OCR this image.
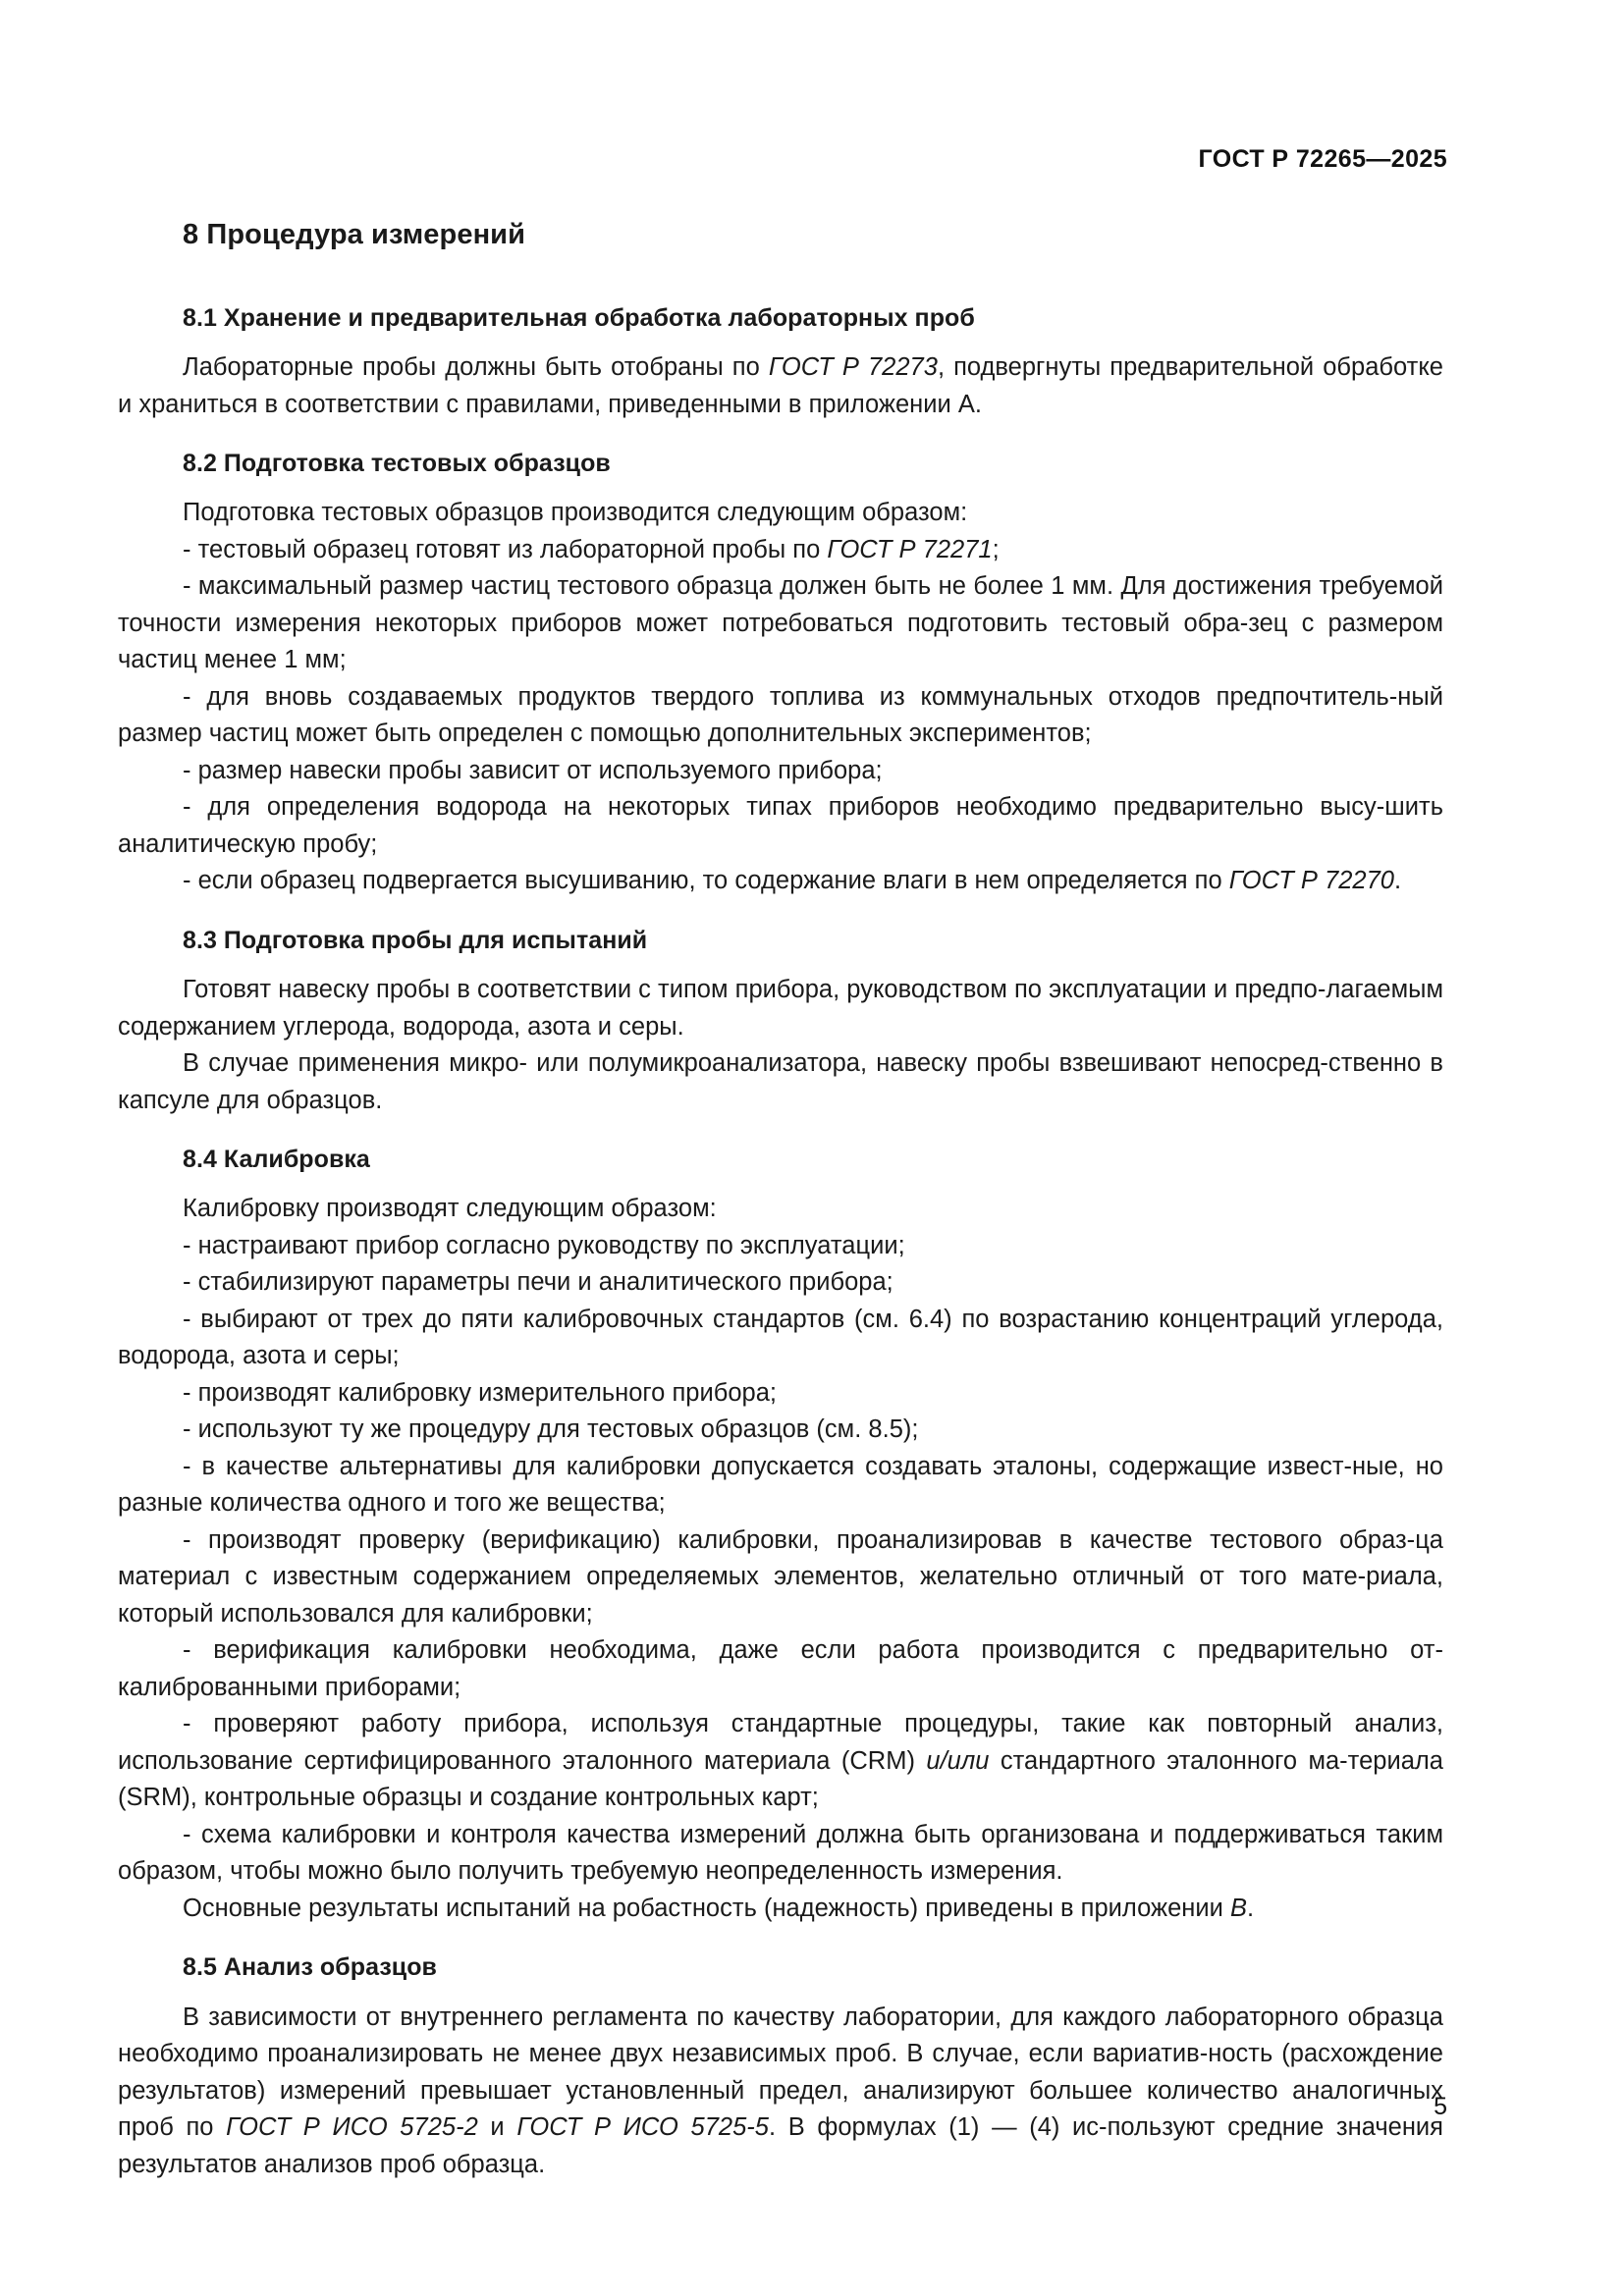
ГОСТ Р 72265—2025
8 Процедура измерений
8.1 Хранение и предварительная обработка лабораторных проб

Лабораторные пробы должны быть отобраны по ГОСТ Р 72273, подвергнуты предварительной обработке и храниться в соответствии с правилами, приведенными в приложении А.

8.2 Подготовка тестовых образцов

Подготовка тестовых образцов производится следующим образом:

- тестовый образец готовят из лабораторной пробы по ГОСТ Р 72271;

- максимальный размер частиц тестового образца должен быть не более 1 мм. Для достижения требуемой точности измерения некоторых приборов может потребоваться подготовить тестовый обра-зец с размером частиц менее 1 мм;

- для вновь создаваемых продуктов твердого топлива из коммунальных отходов предпочтитель-ный размер частиц может быть определен с помощью дополнительных экспериментов;

- размер навески пробы зависит от используемого прибора;

- для определения водорода на некоторых типах приборов необходимо предварительно высу-шить аналитическую пробу;

- если образец подвергается высушиванию, то содержание влаги в нем определяется по ГОСТ Р 72270.

8.3 Подготовка пробы для испытаний

Готовят навеску пробы в соответствии с типом прибора, руководством по эксплуатации и предпо-лагаемым содержанием углерода, водорода, азота и серы.

В случае применения микро- или полумикроанализатора, навеску пробы взвешивают непосред-ственно в капсуле для образцов.

8.4 Калибровка

Калибровку производят следующим образом:

- настраивают прибор согласно руководству по эксплуатации;

- стабилизируют параметры печи и аналитического прибора;

- выбирают от трех до пяти калибровочных стандартов (см. 6.4) по возрастанию концентраций углерода, водорода, азота и серы;

- производят калибровку измерительного прибора;

- используют ту же процедуру для тестовых образцов (см. 8.5);

- в качестве альтернативы для калибровки допускается создавать эталоны, содержащие извест-ные, но разные количества одного и того же вещества;

- производят проверку (верификацию) калибровки, проанализировав в качестве тестового образ-ца материал с известным содержанием определяемых элементов, желательно отличный от того мате-риала, который использовался для калибровки;

- верификация калибровки необходима, даже если работа производится с предварительно от-калиброванными приборами;

- проверяют работу прибора, используя стандартные процедуры, такие как повторный анализ, использование сертифицированного эталонного материала (CRM) и/или стандартного эталонного ма-териала (SRM), контрольные образцы и создание контрольных карт;

- схема калибровки и контроля качества измерений должна быть организована и поддерживаться таким образом, чтобы можно было получить требуемую неопределенность измерения.

Основные результаты испытаний на робастность (надежность) приведены в приложении В.

8.5 Анализ образцов

В зависимости от внутреннего регламента по качеству лаборатории, для каждого лабораторного образца необходимо проанализировать не менее двух независимых проб. В случае, если вариатив-ность (расхождение результатов) измерений превышает установленный предел, анализируют большее количество аналогичных проб по ГОСТ Р ИСО 5725-2 и ГОСТ Р ИСО 5725-5. В формулах (1) — (4) ис-пользуют средние значения результатов анализов проб образца.

5
